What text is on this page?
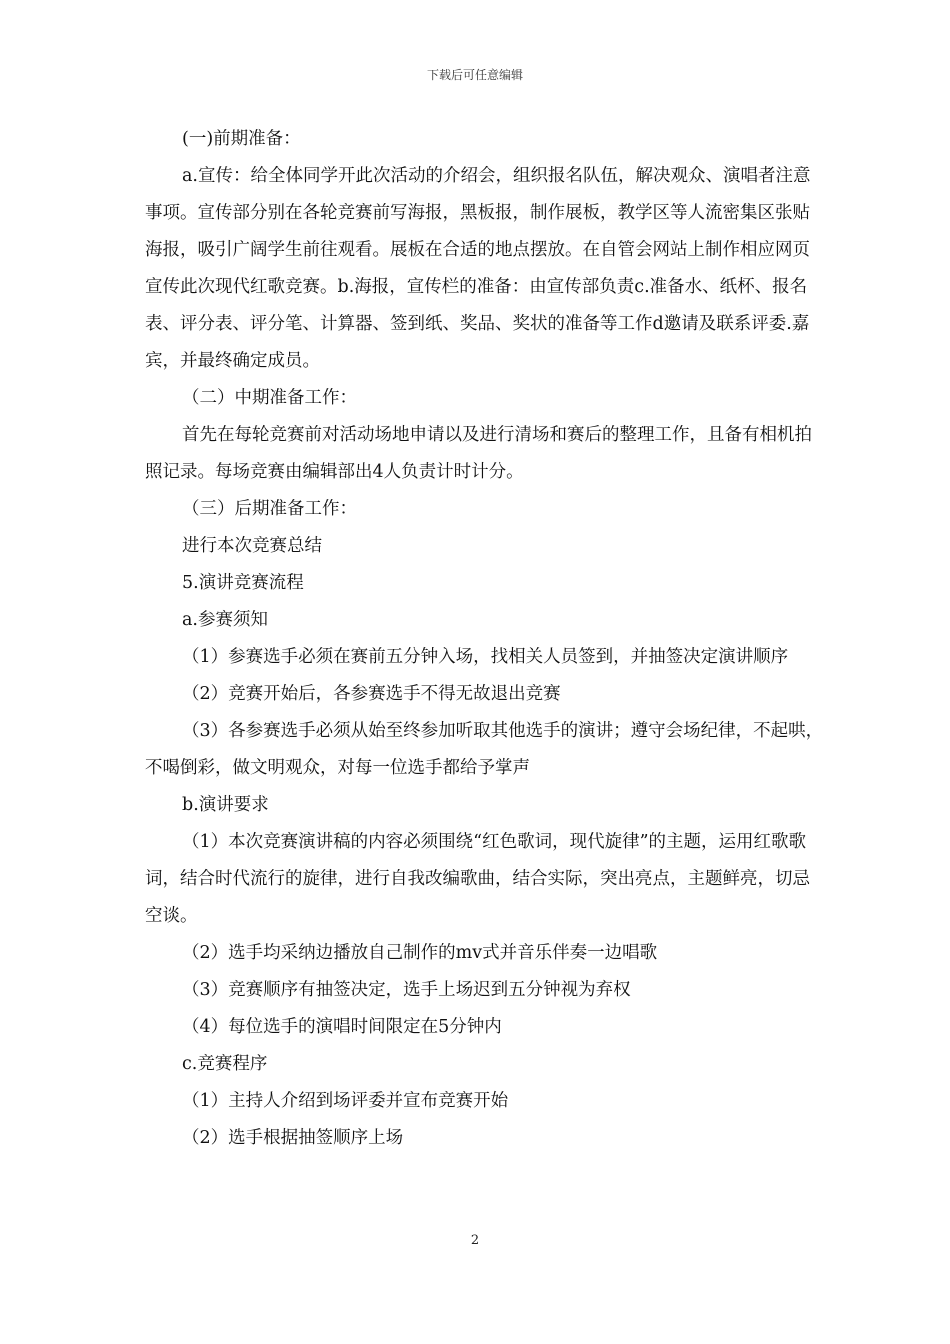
下载后可任意编辑

(一)前期准备：

a.宣传：给全体同学开此次活动的介绍会，组织报名队伍，解决观众、演唱者注意事项。宣传部分别在各轮竞赛前写海报，黑板报，制作展板，教学区等人流密集区张贴海报，吸引广阔学生前往观看。展板在合适的地点摆放。在自管会网站上制作相应网页宣传此次现代红歌竞赛。b.海报，宣传栏的准备：由宣传部负责c.准备水、纸杯、报名表、评分表、评分笔、计算器、签到纸、奖品、奖状的准备等工作d邀请及联系评委.嘉宾，并最终确定成员。

（二）中期准备工作：

首先在每轮竞赛前对活动场地申请以及进行清场和赛后的整理工作，且备有相机拍照记录。每场竞赛由编辑部出4人负责计时计分。

（三）后期准备工作：

进行本次竞赛总结

5.演讲竞赛流程

a.参赛须知

（1）参赛选手必须在赛前五分钟入场，找相关人员签到，并抽签决定演讲顺序

（2）竞赛开始后，各参赛选手不得无故退出竞赛

（3）各参赛选手必须从始至终参加听取其他选手的演讲；遵守会场纪律，不起哄，不喝倒彩，做文明观众，对每一位选手都给予掌声

b.演讲要求

（1）本次竞赛演讲稿的内容必须围绕“红色歌词，现代旋律”的主题，运用红歌歌词，结合时代流行的旋律，进行自我改编歌曲，结合实际，突出亮点，主题鲜亮，切忌空谈。

（2）选手均采纳边播放自己制作的mv式并音乐伴奏一边唱歌

（3）竞赛顺序有抽签决定，选手上场迟到五分钟视为弃权

（4）每位选手的演唱时间限定在5分钟内

c.竞赛程序

（1）主持人介绍到场评委并宣布竞赛开始

（2）选手根据抽签顺序上场

2
